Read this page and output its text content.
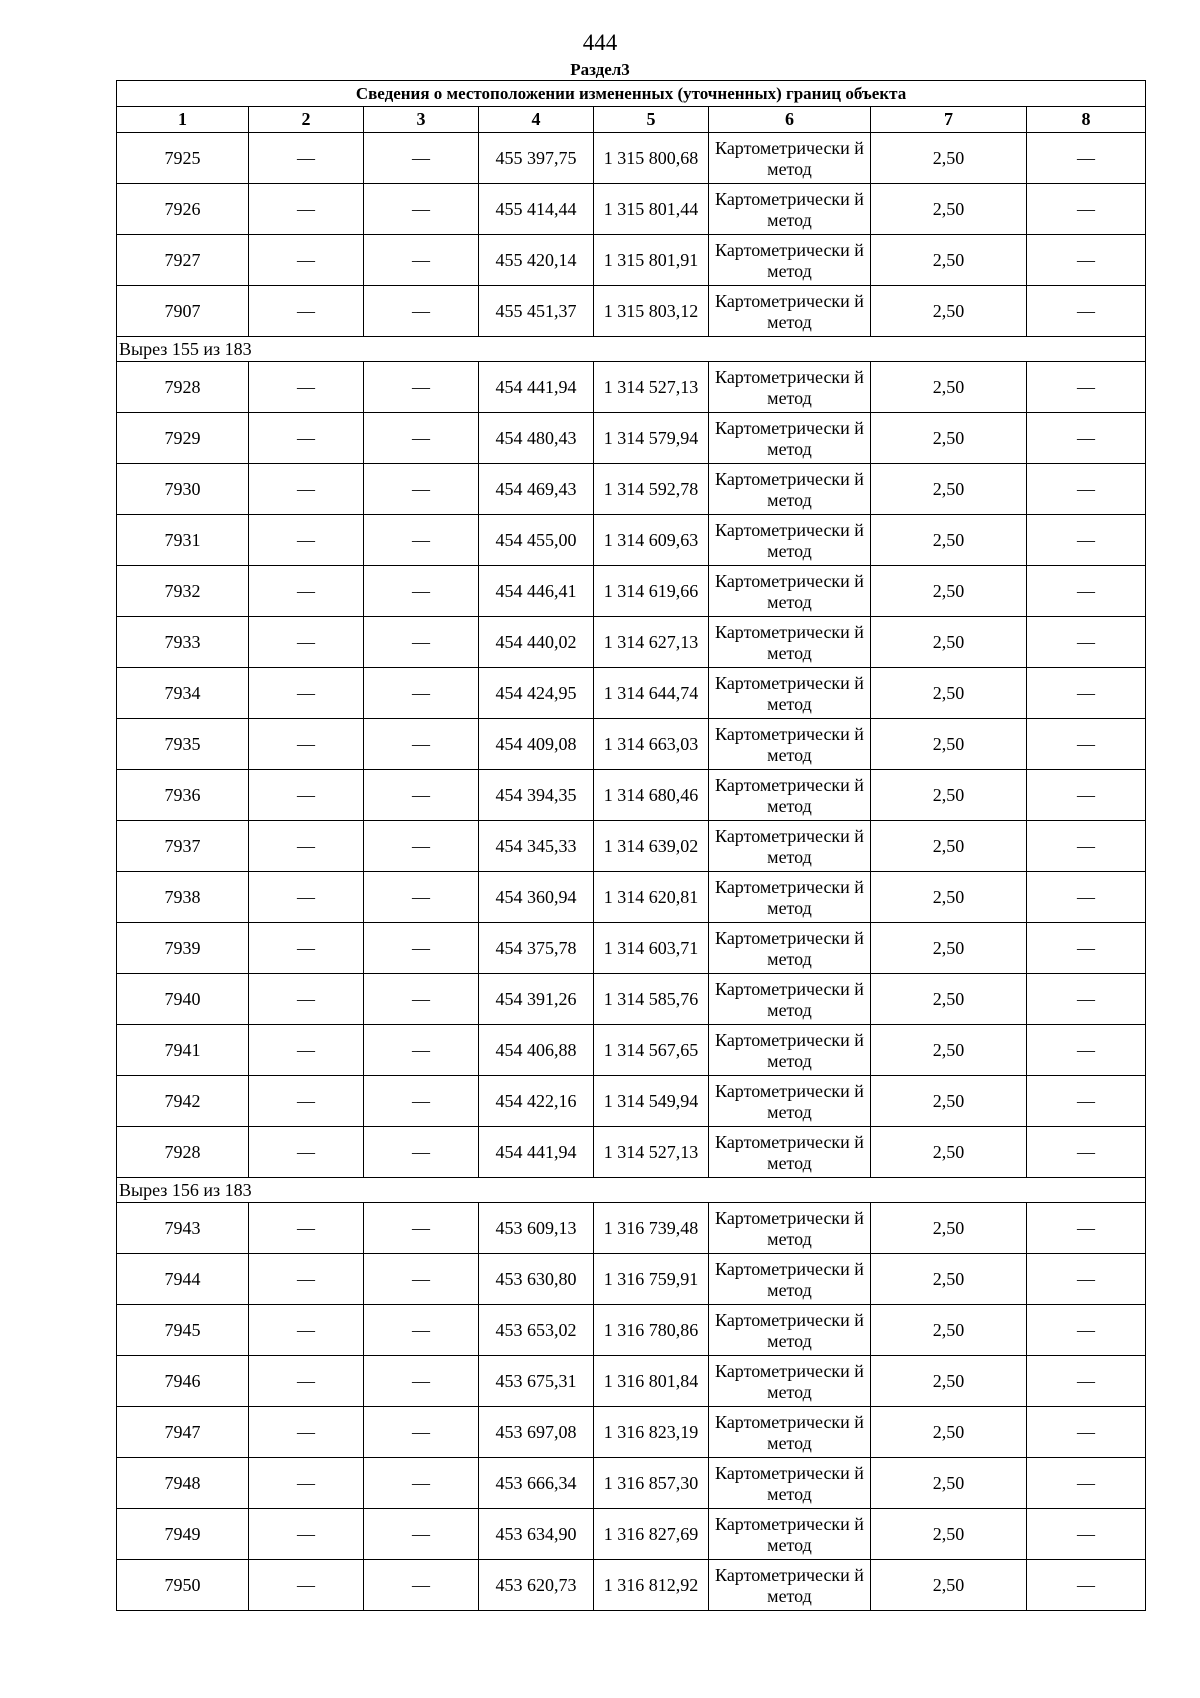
444
Раздел3
Сведения о местоположении измененных (уточненных) границ объекта							
1	2	3	4	5	6	7	8
7925	—	—	455 397,75	1 315 800,68	Картометрически й метод	2,50	—
7926	—	—	455 414,44	1 315 801,44	Картометрически й метод	2,50	—
7927	—	—	455 420,14	1 315 801,91	Картометрически й метод	2,50	—
7907	—	—	455 451,37	1 315 803,12	Картометрически й метод	2,50	—
Вырез 155 из 183							
7928	—	—	454 441,94	1 314 527,13	Картометрически й метод	2,50	—
7929	—	—	454 480,43	1 314 579,94	Картометрически й метод	2,50	—
7930	—	—	454 469,43	1 314 592,78	Картометрически й метод	2,50	—
7931	—	—	454 455,00	1 314 609,63	Картометрически й метод	2,50	—
7932	—	—	454 446,41	1 314 619,66	Картометрически й метод	2,50	—
7933	—	—	454 440,02	1 314 627,13	Картометрически й метод	2,50	—
7934	—	—	454 424,95	1 314 644,74	Картометрически й метод	2,50	—
7935	—	—	454 409,08	1 314 663,03	Картометрически й метод	2,50	—
7936	—	—	454 394,35	1 314 680,46	Картометрически й метод	2,50	—
7937	—	—	454 345,33	1 314 639,02	Картометрически й метод	2,50	—
7938	—	—	454 360,94	1 314 620,81	Картометрически й метод	2,50	—
7939	—	—	454 375,78	1 314 603,71	Картометрически й метод	2,50	—
7940	—	—	454 391,26	1 314 585,76	Картометрически й метод	2,50	—
7941	—	—	454 406,88	1 314 567,65	Картометрически й метод	2,50	—
7942	—	—	454 422,16	1 314 549,94	Картометрически й метод	2,50	—
7928	—	—	454 441,94	1 314 527,13	Картометрически й метод	2,50	—
Вырез 156 из 183							
7943	—	—	453 609,13	1 316 739,48	Картометрически й метод	2,50	—
7944	—	—	453 630,80	1 316 759,91	Картометрически й метод	2,50	—
7945	—	—	453 653,02	1 316 780,86	Картометрически й метод	2,50	—
7946	—	—	453 675,31	1 316 801,84	Картометрически й метод	2,50	—
7947	—	—	453 697,08	1 316 823,19	Картометрически й метод	2,50	—
7948	—	—	453 666,34	1 316 857,30	Картометрически й метод	2,50	—
7949	—	—	453 634,90	1 316 827,69	Картометрически й метод	2,50	—
7950	—	—	453 620,73	1 316 812,92	Картометрически й метод	2,50	—
